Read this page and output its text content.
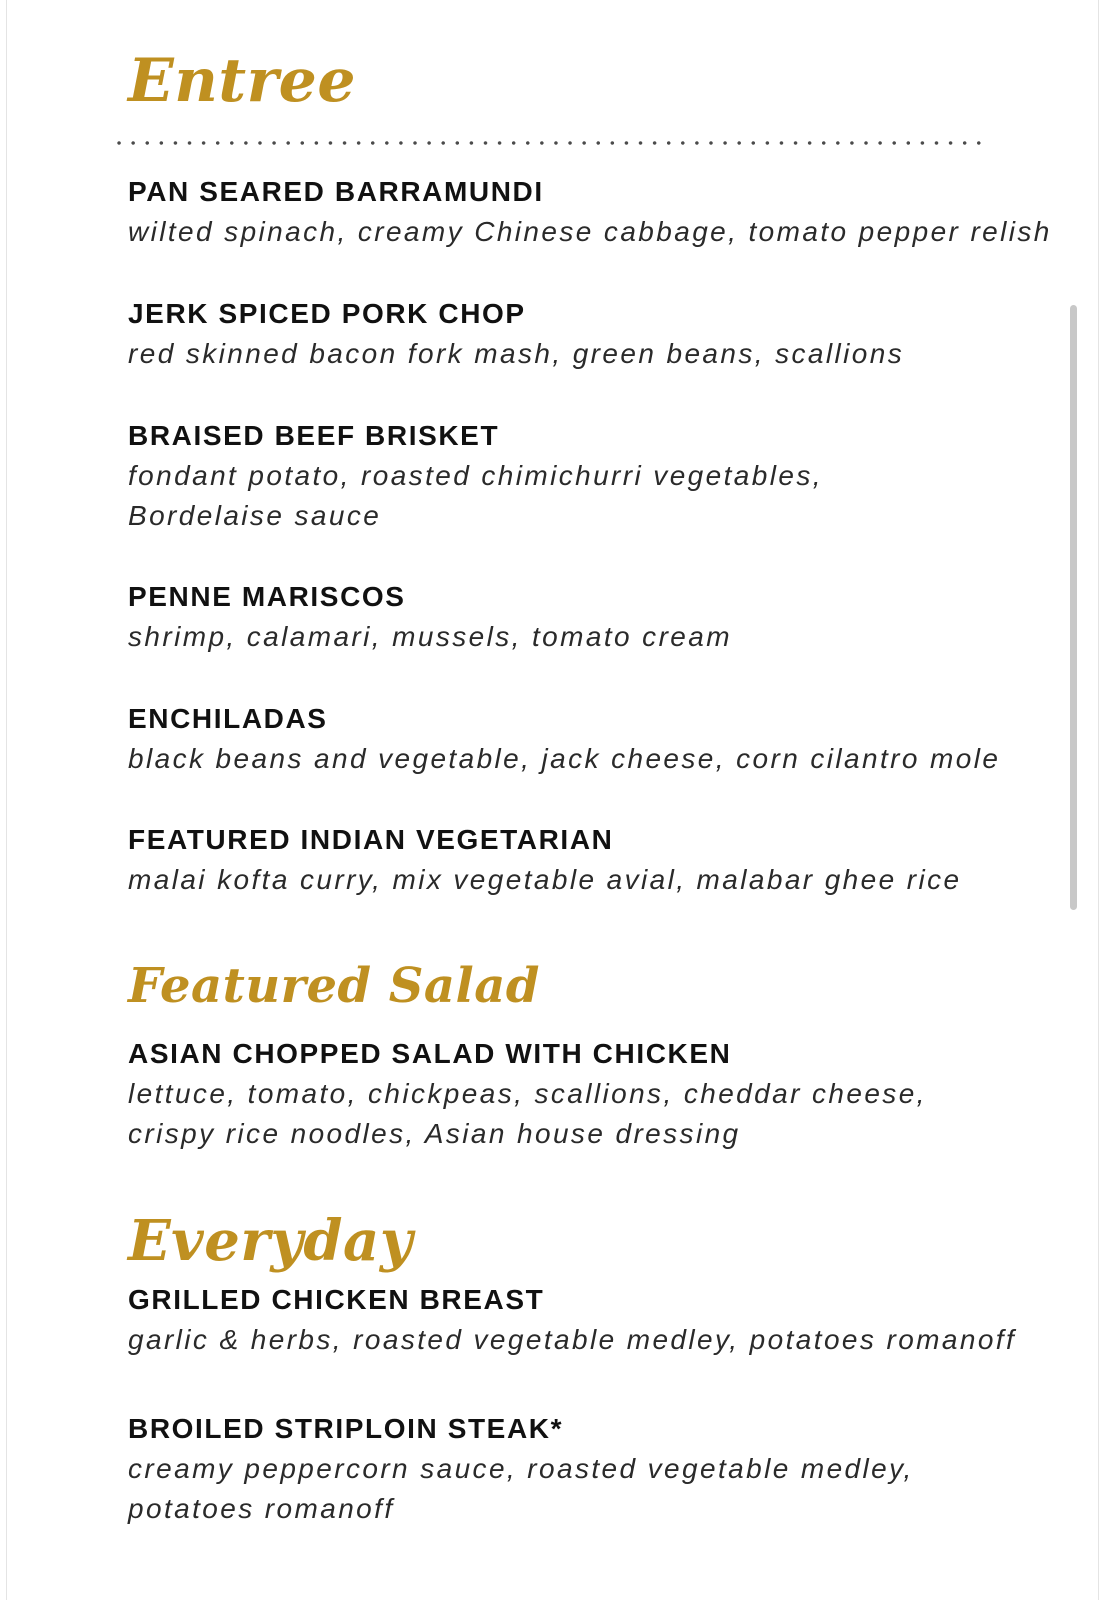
Entree
PAN SEARED BARRAMUNDI
wilted spinach, creamy Chinese cabbage, tomato pepper relish
JERK SPICED PORK CHOP
red skinned bacon fork mash, green beans, scallions
BRAISED BEEF BRISKET
fondant potato, roasted chimichurri vegetables,
Bordelaise sauce
PENNE MARISCOS
shrimp, calamari, mussels, tomato cream
ENCHILADAS
black beans and vegetable, jack cheese, corn cilantro mole
FEATURED INDIAN VEGETARIAN
malai kofta curry, mix vegetable avial, malabar ghee rice
Featured Salad
ASIAN CHOPPED SALAD WITH CHICKEN
lettuce, tomato, chickpeas, scallions, cheddar cheese,
crispy rice noodles, Asian house dressing
Everyday
GRILLED CHICKEN BREAST
garlic & herbs, roasted vegetable medley, potatoes romanoff
BROILED STRIPLOIN STEAK*
creamy peppercorn sauce, roasted vegetable medley,
potatoes romanoff
